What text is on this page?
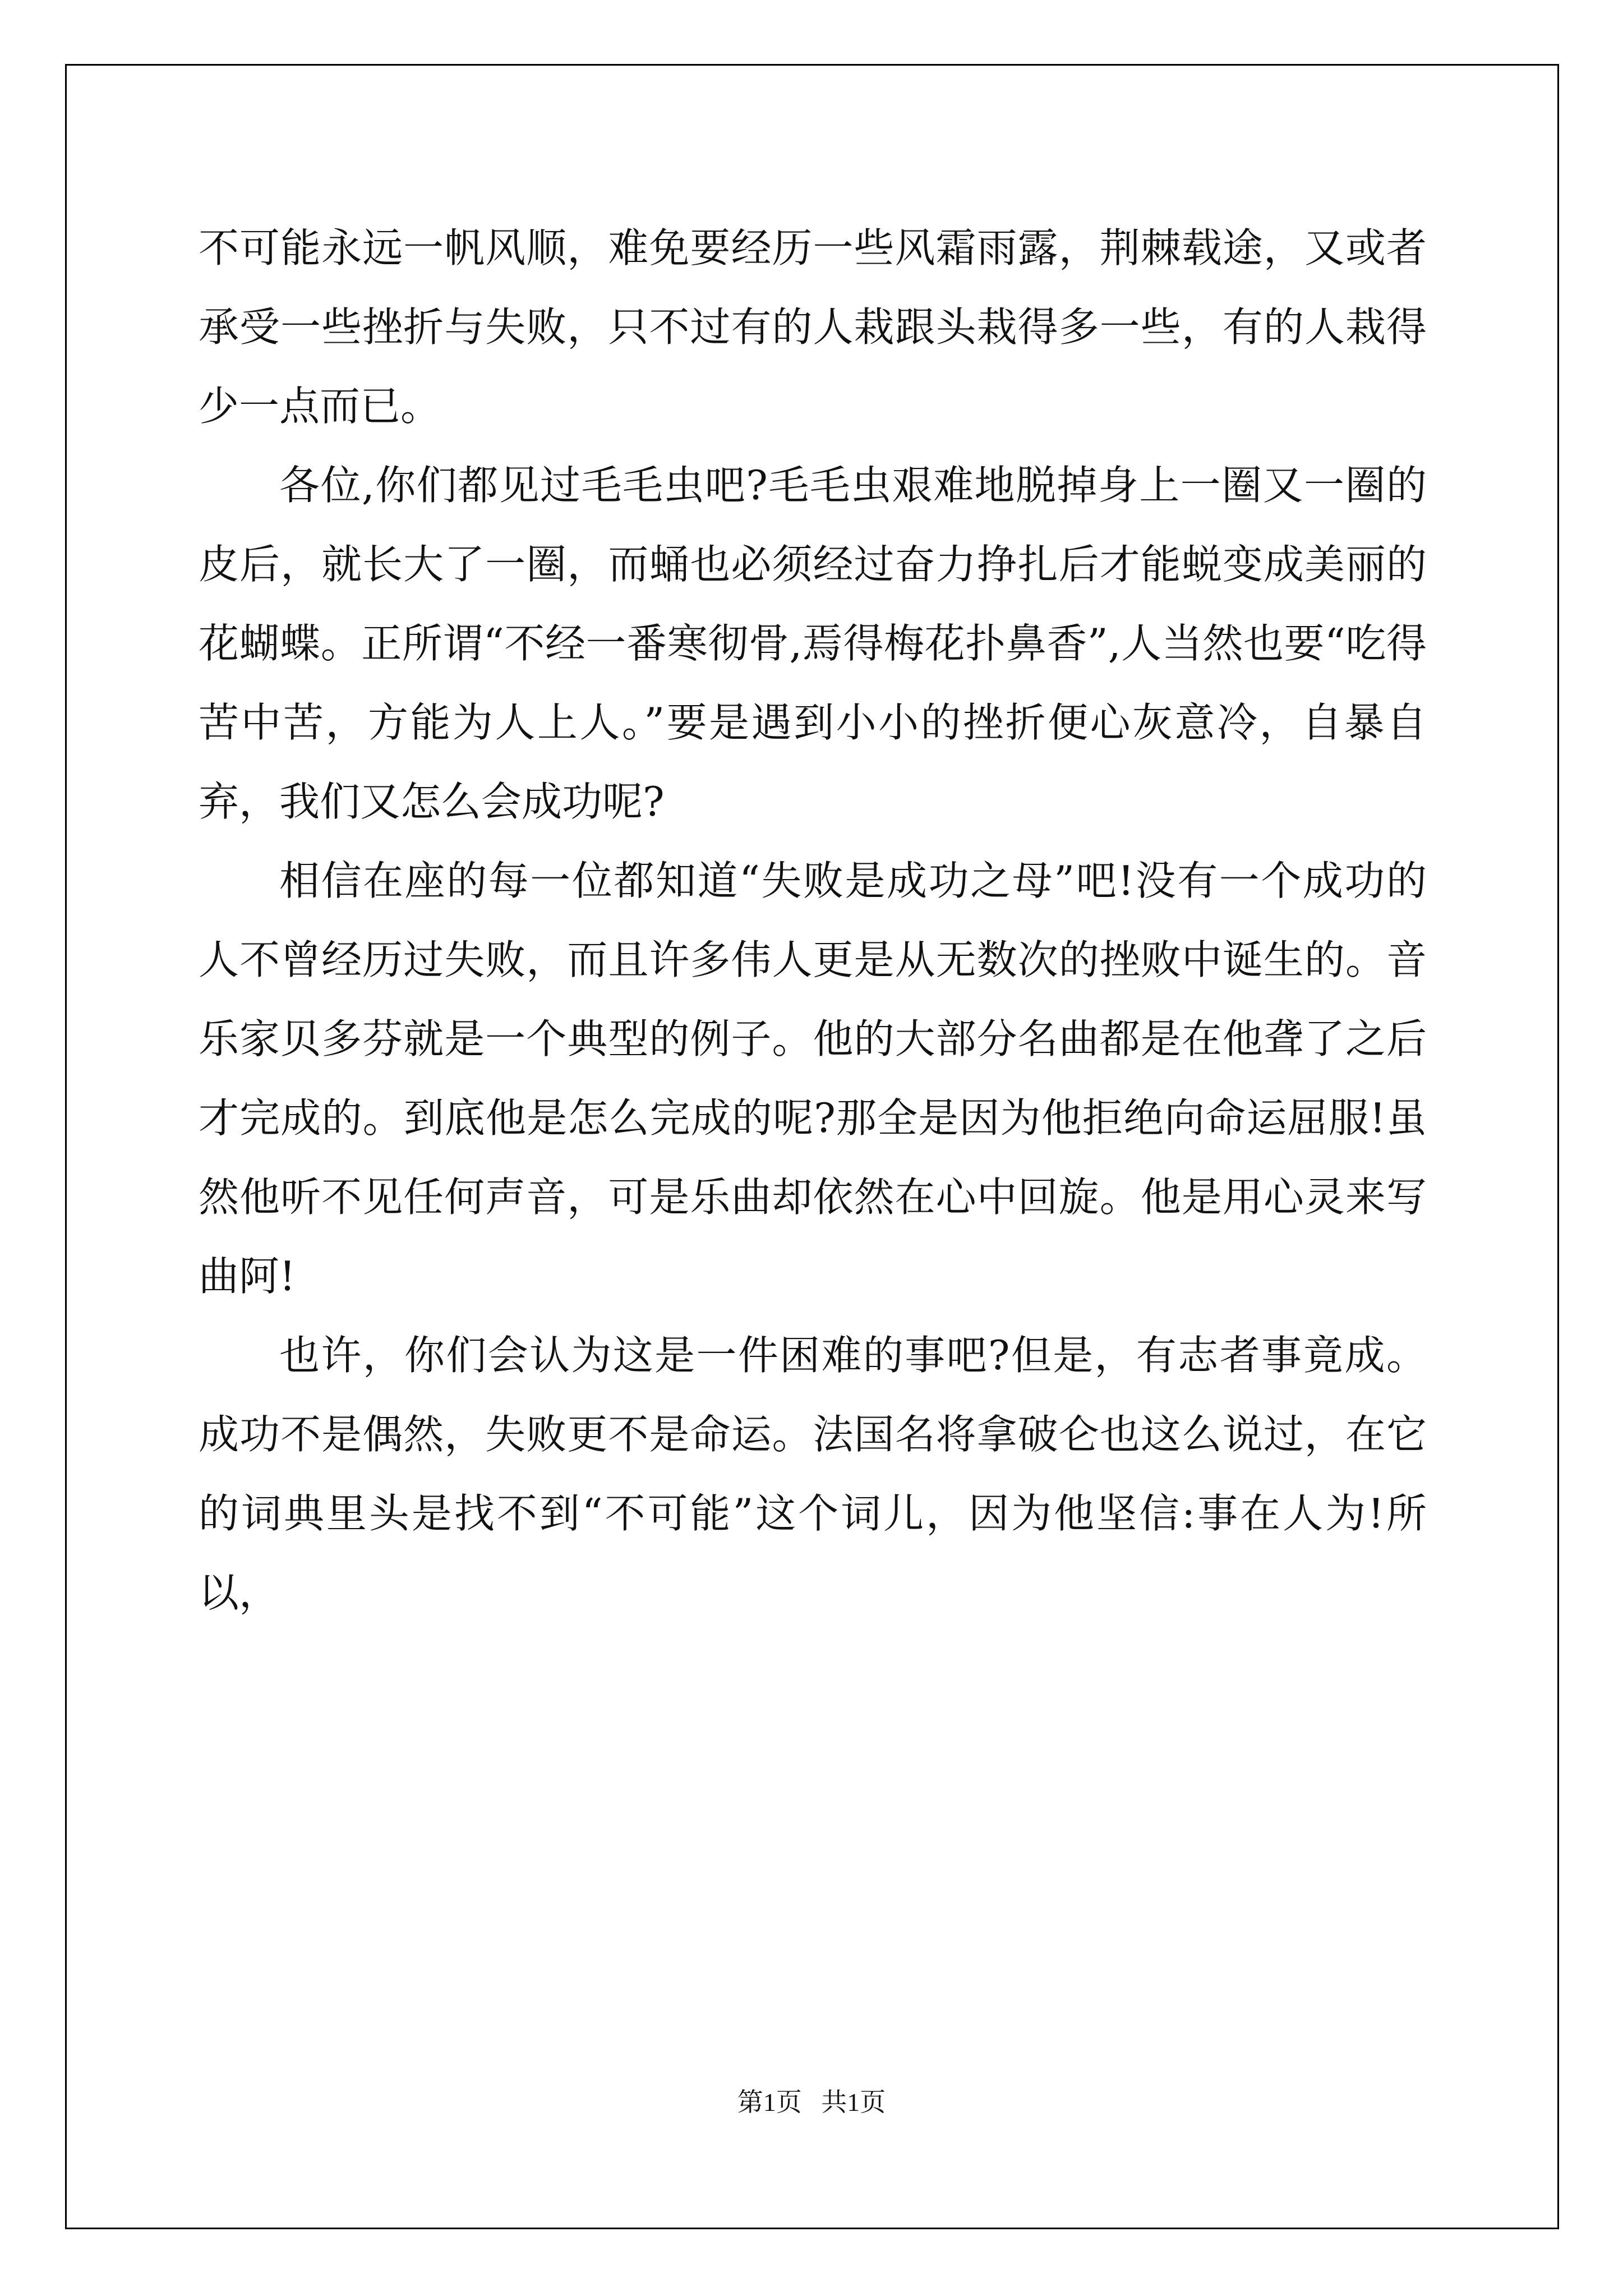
不可能永远一帆风顺，难免要经历一些风霜雨露，荆棘载途，又或者承受一些挫折与失败，只不过有的人栽跟头栽得多一些，有的人栽得少一点而已。

各位,你们都见过毛毛虫吧?毛毛虫艰难地脱掉身上一圈又一圈的皮后，就长大了一圈，而蛹也必须经过奋力挣扎后才能蜕变成美丽的花蝴蝶。正所谓“不经一番寒彻骨,焉得梅花扑鼻香”,人当然也要“吃得苦中苦，方能为人上人。”要是遇到小小的挫折便心灰意冷，自暴自弃，我们又怎么会成功呢?

相信在座的每一位都知道“失败是成功之母”吧!没有一个成功的人不曾经历过失败，而且许多伟人更是从无数次的挫败中诞生的。音乐家贝多芬就是一个典型的例子。他的大部分名曲都是在他聋了之后才完成的。到底他是怎么完成的呢?那全是因为他拒绝向命运屈服!虽然他听不见任何声音，可是乐曲却依然在心中回旋。他是用心灵来写曲阿!

也许，你们会认为这是一件困难的事吧?但是，有志者事竟成。成功不是偶然，失败更不是命运。法国名将拿破仑也这么说过，在它的词典里头是找不到“不可能”这个词儿，因为他坚信:事在人为!所以，

第1页   共1页
